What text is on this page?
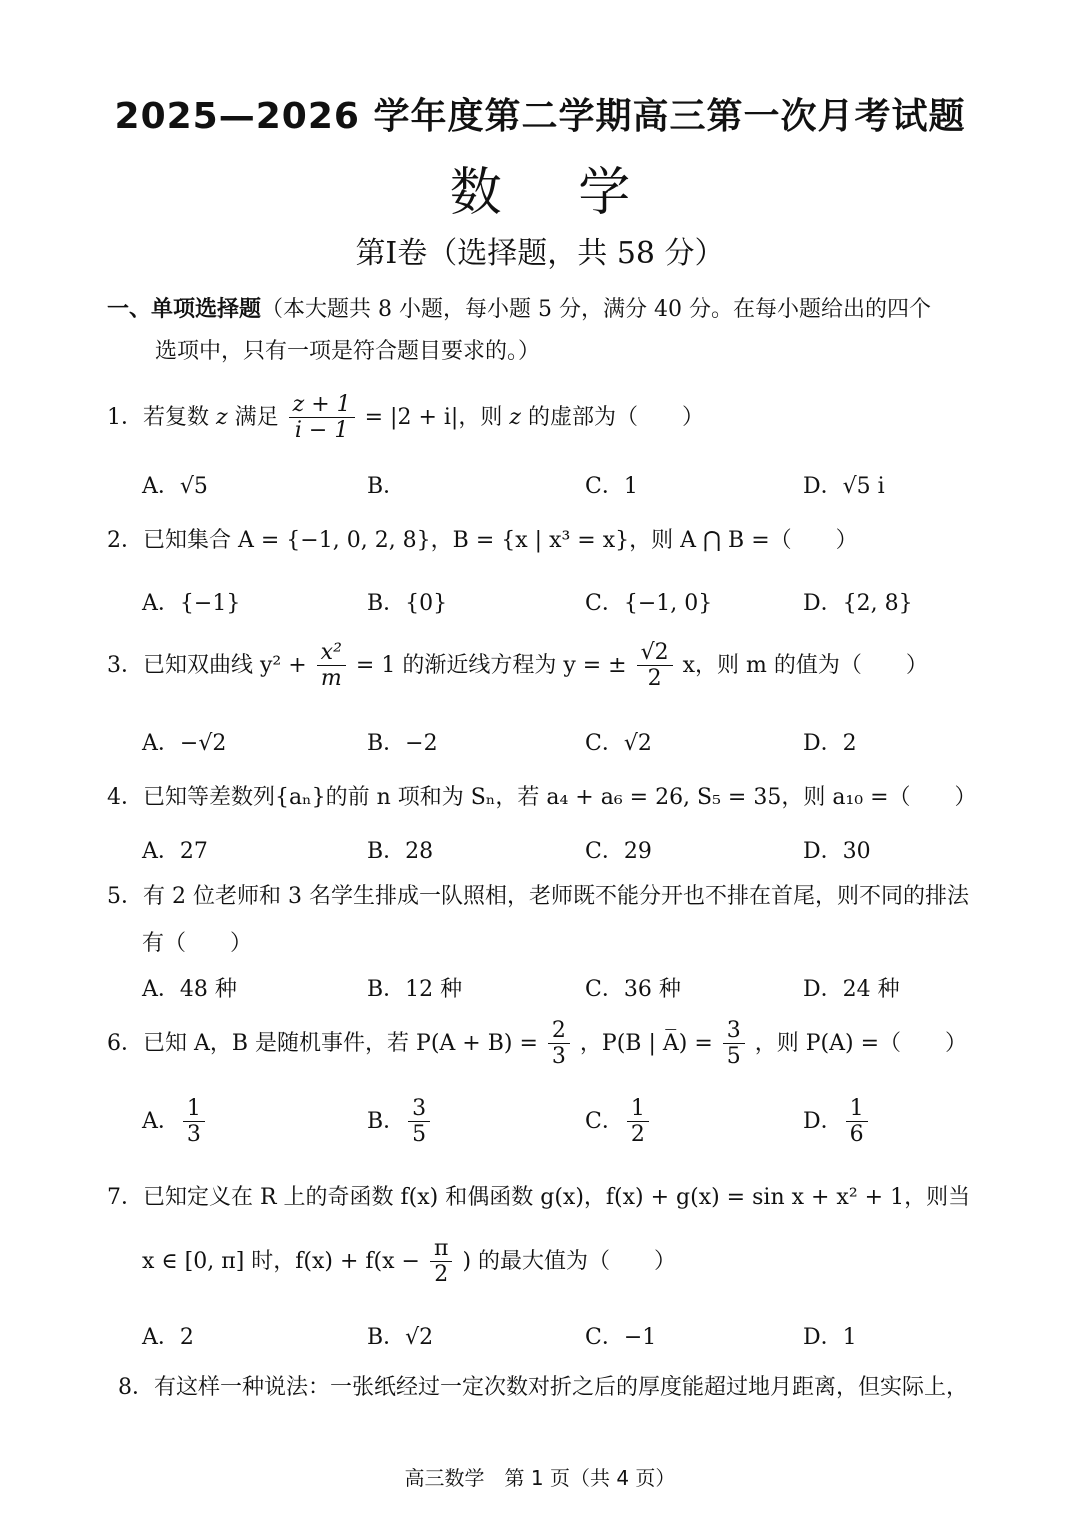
2025—2026 学年度第二学期高三第一次月考试题
数 学
第Ⅰ卷（选择题，共 58 分）
一、单项选择题（本大题共 8 小题，每小题 5 分，满分 40 分。在每小题给出的四个
选项中，只有一项是符合题目要求的。）
1．若复数 z 满足 $\frac{z + 1}{i - 1} = |2 + i|$，则 z 的虚部为（　　）
A．√5	B．	C．1	D．√5 i
2．已知集合 A = {−1, 0, 2, 8}，B = {x | x³ = x}，则 A ⋂ B =（　　）
A．{−1}	B．{0}	C．{−1, 0}	D．{2, 8}
3．已知双曲线 $y^2 + \frac{\text{x²}}{m} = 1$ 的渐近线方程为 y = ± $\frac{√2}{2}$ x，则 m 的值为（　　）
A．−√2	B．−2	C．√2	D．2
4．已知等差数列{aₙ}的前 n 项和为 Sₙ，若 a₄ + a₆ = 26, S₅ = 35，则 a₁₀ =（　　）
A．27	B．28	C．29	D．30
5．有 2 位老师和 3 名学生排成一队照相，老师既不能分开也不排在首尾，则不同的排法
有（　　）
A．48 种	B．12 种	C．36 种	D．24 种
6．已知 A，B 是随机事件，若 $P(A + B) = \frac{2}{3}$ ，P(B | A̅) = $\frac{3}{5}$ ，则 P(A) =（　　）
A． $\frac{1}{3}$	B． $\frac{3}{5}$	C． $\frac{1}{2}$	D． $\frac{1}{6}$
7．已知定义在 R 上的奇函数 f(x) 和偶函数 g(x)，f(x) + g(x) = sin x + x² + 1，则当
x ∈ [0, π] 时，$f(x) + f(x - \frac{\pi}{2}$ ) 的最大值为（　　）
A．2	B．√2	C．−1	D．1
8．有这样一种说法：一张纸经过一定次数对折之后的厚度能超过地月距离，但实际上，
高三数学　第 1 页（共 4 页）
